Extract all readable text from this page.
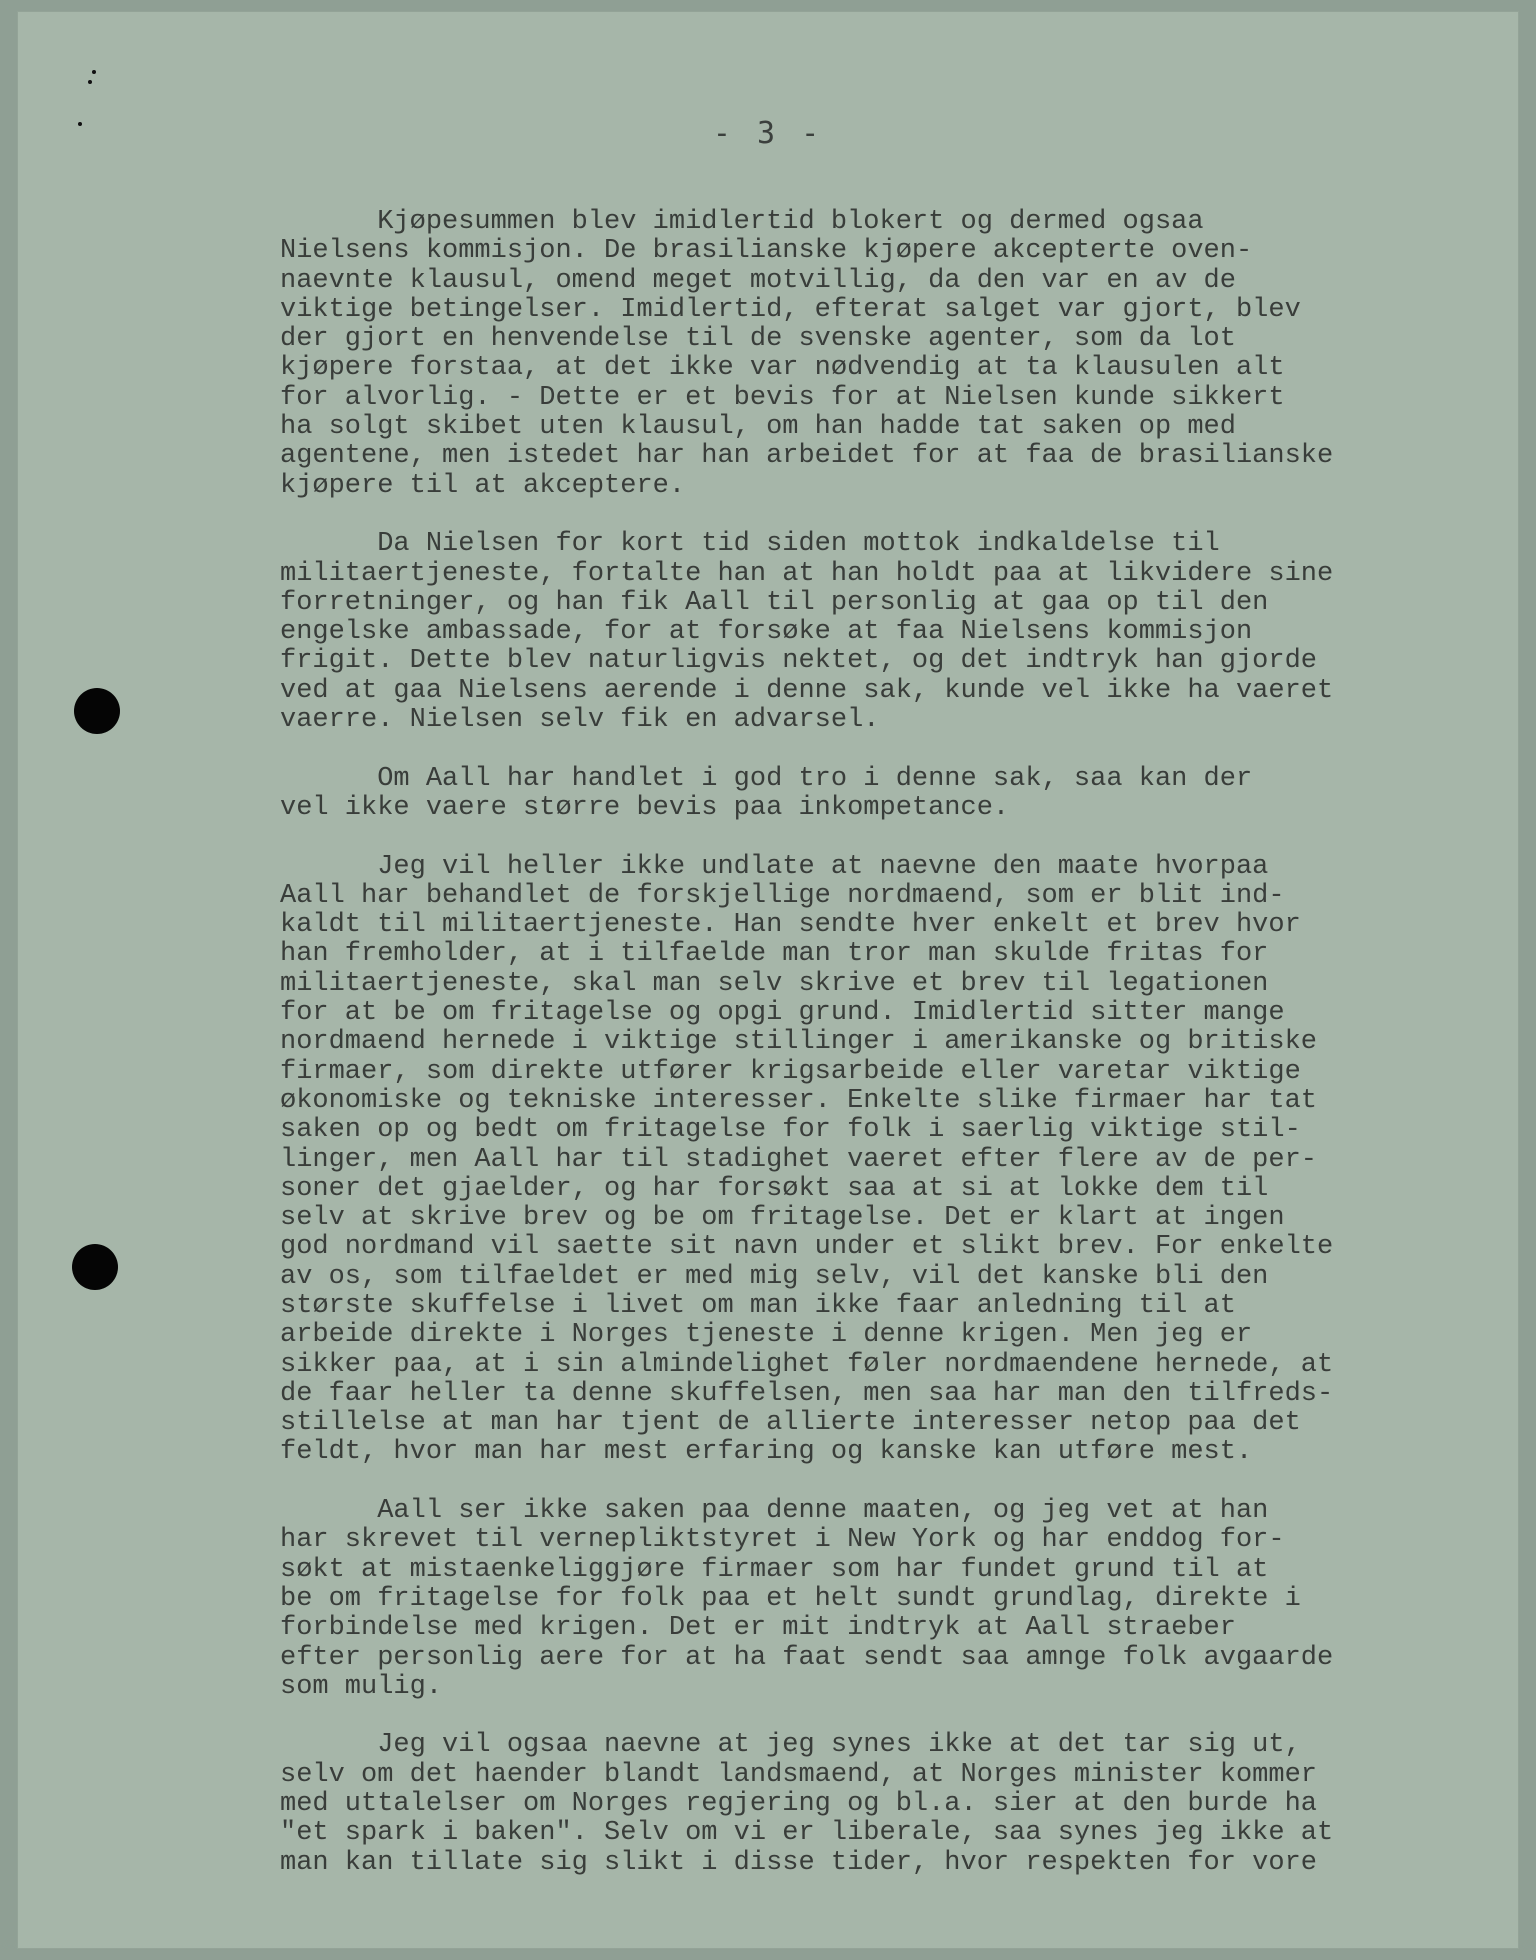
- 3 -
Kjøpesummen blev imidlertid blokert og dermed ogsaa
Nielsens kommisjon. De brasilianske kjøpere akcepterte oven-
naevnte klausul, omend meget motvillig, da den var en av de
viktige betingelser. Imidlertid, efterat salget var gjort, blev
der gjort en henvendelse til de svenske agenter, som da lot
kjøpere forstaa, at det ikke var nødvendig at ta klausulen alt
for alvorlig. - Dette er et bevis for at Nielsen kunde sikkert
ha solgt skibet uten klausul, om han hadde tat saken op med
agentene, men istedet har han arbeidet for at faa de brasilianske
kjøpere til at akceptere.
Da Nielsen for kort tid siden mottok indkaldelse til
militaertjeneste, fortalte han at han holdt paa at likvidere sine
forretninger, og han fik Aall til personlig at gaa op til den
engelske ambassade, for at forsøke at faa Nielsens kommisjon
frigit. Dette blev naturligvis nektet, og det indtryk han gjorde
ved at gaa Nielsens aerende i denne sak, kunde vel ikke ha vaeret
vaerre. Nielsen selv fik en advarsel.
Om Aall har handlet i god tro i denne sak, saa kan der
vel ikke vaere større bevis paa inkompetance.
Jeg vil heller ikke undlate at naevne den maate hvorpaa
Aall har behandlet de forskjellige nordmaend, som er blit ind-
kaldt til militaertjeneste. Han sendte hver enkelt et brev hvor
han fremholder, at i tilfaelde man tror man skulde fritas for
militaertjeneste, skal man selv skrive et brev til legationen
for at be om fritagelse og opgi grund. Imidlertid sitter mange
nordmaend hernede i viktige stillinger i amerikanske og britiske
firmaer, som direkte utfører krigsarbeide eller varetar viktige
økonomiske og tekniske interesser. Enkelte slike firmaer har tat
saken op og bedt om fritagelse for folk i saerlig viktige stil-
linger, men Aall har til stadighet vaeret efter flere av de per-
soner det gjaelder, og har forsøkt saa at si at lokke dem til
selv at skrive brev og be om fritagelse. Det er klart at ingen
god nordmand vil saette sit navn under et slikt brev. For enkelte
av os, som tilfaeldet er med mig selv, vil det kanske bli den
største skuffelse i livet om man ikke faar anledning til at
arbeide direkte i Norges tjeneste i denne krigen. Men jeg er
sikker paa, at i sin almindelighet føler nordmaendene hernede, at
de faar heller ta denne skuffelsen, men saa har man den tilfreds-
stillelse at man har tjent de allierte interesser netop paa det
feldt, hvor man har mest erfaring og kanske kan utføre mest.
Aall ser ikke saken paa denne maaten, og jeg vet at han
har skrevet til vernepliktstyret i New York og har enddog for-
søkt at mistaenkeliggjøre firmaer som har fundet grund til at
be om fritagelse for folk paa et helt sundt grundlag, direkte i
forbindelse med krigen. Det er mit indtryk at Aall straeber
efter personlig aere for at ha faat sendt saa amnge folk avgaarde
som mulig.
Jeg vil ogsaa naevne at jeg synes ikke at det tar sig ut,
selv om det haender blandt landsmaend, at Norges minister kommer
med uttalelser om Norges regjering og bl.a. sier at den burde ha
"et spark i baken". Selv om vi er liberale, saa synes jeg ikke at
man kan tillate sig slikt i disse tider, hvor respekten for vore
